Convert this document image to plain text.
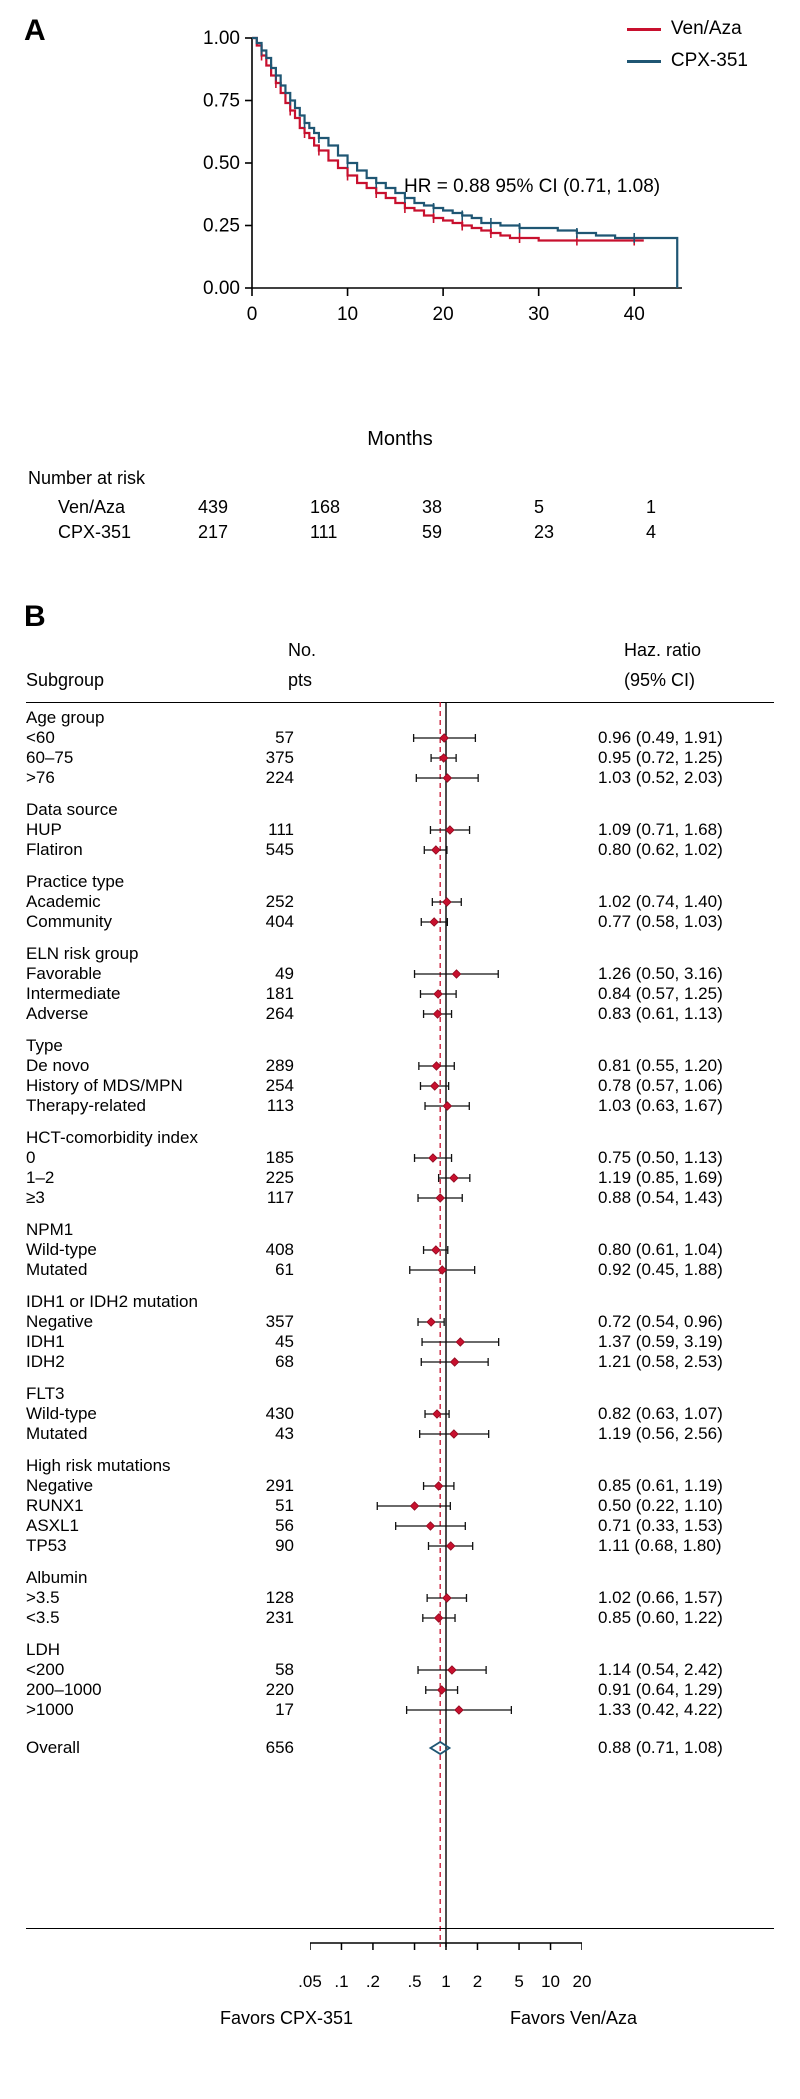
A	Ven/Aza
CPX-351
0.00
0.25
0.50
0.75
1.00
0	10	20	30	40
HR = 0.88 95% CI (0.71, 1.08)
Months
Number at risk
Ven/Aza	439	168	38	5	1
CPX-351	217	111	59	23	4
B
Subgroup
No.
pts
Haz. ratio
(95% CI)
Age group
<60	57	0.96 (0.49, 1.91)
60–75	375	0.95 (0.72, 1.25)
>76	224	1.03 (0.52, 2.03)
Data source
HUP	111	1.09 (0.71, 1.68)
Flatiron	545	0.80 (0.62, 1.02)
Practice type
Academic	252	1.02 (0.74, 1.40)
Community	404	0.77 (0.58, 1.03)
ELN risk group
Favorable	49	1.26 (0.50, 3.16)
Intermediate	181	0.84 (0.57, 1.25)
Adverse	264	0.83 (0.61, 1.13)
Type
De novo	289	0.81 (0.55, 1.20)
History of MDS/MPN	254	0.78 (0.57, 1.06)
Therapy-related	113	1.03 (0.63, 1.67)
HCT-comorbidity index
0	185	0.75 (0.50, 1.13)
1–2	225	1.19 (0.85, 1.69)
≥3	117	0.88 (0.54, 1.43)
NPM1
Wild-type	408	0.80 (0.61, 1.04)
Mutated	61	0.92 (0.45, 1.88)
IDH1 or IDH2 mutation
Negative	357	0.72 (0.54, 0.96)
IDH1	45	1.37 (0.59, 3.19)
IDH2	68	1.21 (0.58, 2.53)
FLT3
Wild-type	430	0.82 (0.63, 1.07)
Mutated	43	1.19 (0.56, 2.56)
High risk mutations
Negative	291	0.85 (0.61, 1.19)
RUNX1	51	0.50 (0.22, 1.10)
ASXL1	56	0.71 (0.33, 1.53)
TP53	90	1.11 (0.68, 1.80)
Albumin
>3.5	128	1.02 (0.66, 1.57)
<3.5	231	0.85 (0.60, 1.22)
LDH
<200	58	1.14 (0.54, 2.42)
200–1000	220	0.91 (0.64, 1.29)
>1000	17	1.33 (0.42, 4.22)
Overall	656	0.88 (0.71, 1.08)
.05 .1 .2 .5 1 2 5 10 20
Favors CPX-351	Favors Ven/Aza
